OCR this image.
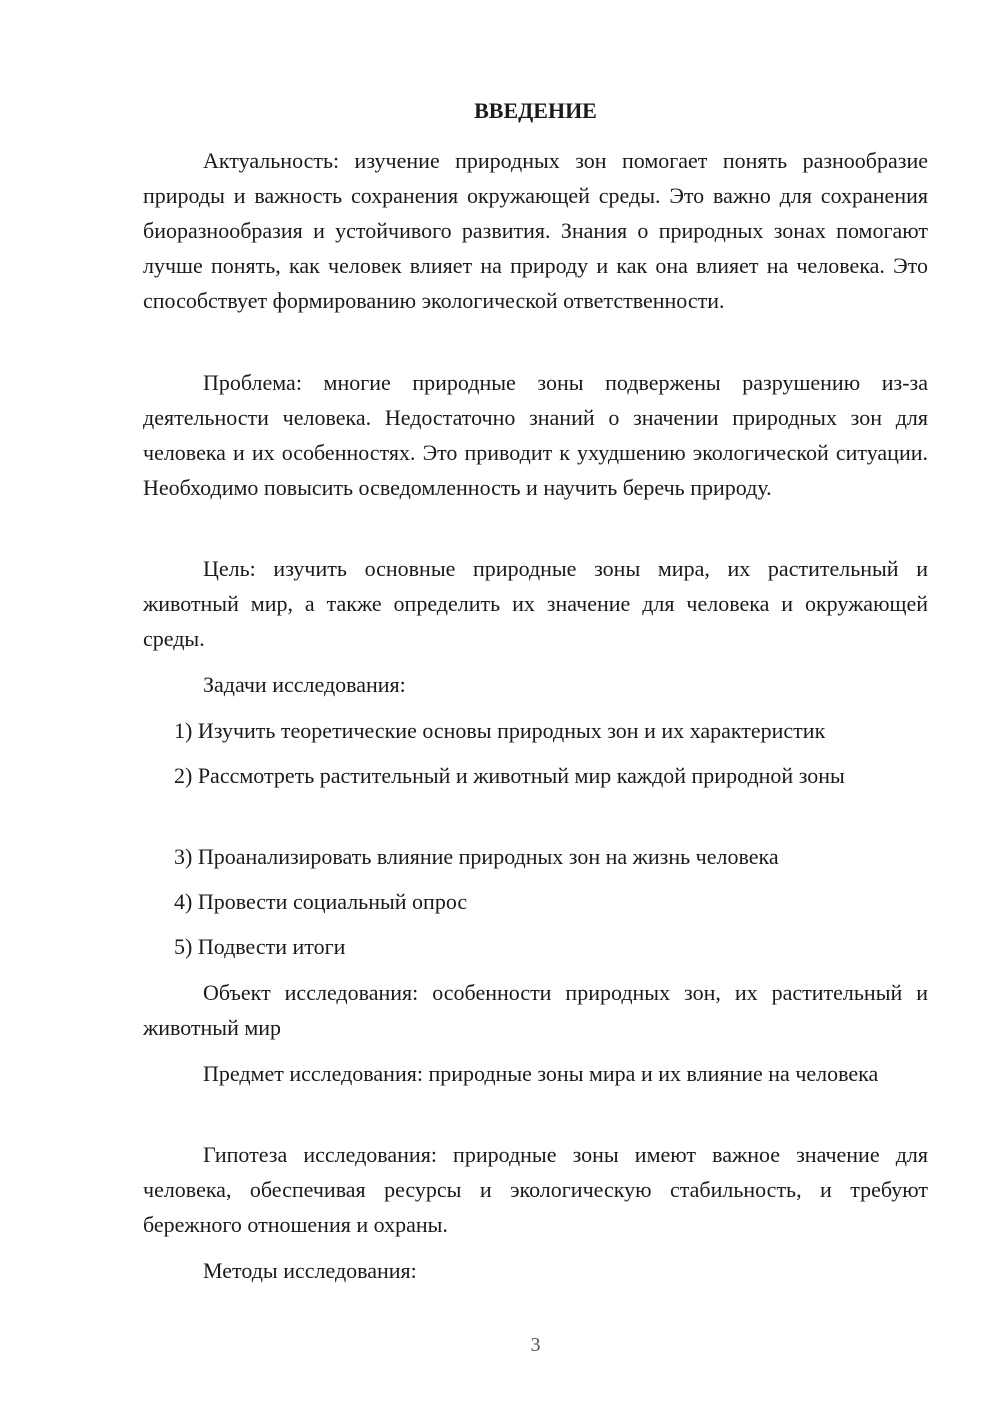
ВВЕДЕНИЕ

Актуальность: изучение природных зон помогает понять разнообразие природы и важность сохранения окружающей среды. Это важно для сохранения биоразнообразия и устойчивого развития. Знания о природных зонах помогают лучше понять, как человек влияет на природу и как она влияет на человека. Это способствует формированию экологической ответственности.

Проблема: многие природные зоны подвержены разрушению из-за деятельности человека. Недостаточно знаний о значении природных зон для человека и их особенностях. Это приводит к ухудшению экологической ситуации. Необходимо повысить осведомленность и научить беречь природу.

Цель: изучить основные природные зоны мира, их растительный и животный мир, а также определить их значение для человека и окружающей среды.

Задачи исследования:

1) Изучить теоретические основы природных зон и их характеристик

2) Рассмотреть растительный и животный мир каждой природной зоны

3) Проанализировать влияние природных зон на жизнь человека

4) Провести социальный опрос

5) Подвести итоги

Объект исследования: особенности природных зон, их растительный и животный мир

Предмет исследования: природные зоны мира и их влияние на человека

Гипотеза исследования: природные зоны имеют важное значение для человека, обеспечивая ресурсы и экологическую стабильность, и требуют бережного отношения и охраны.

Методы исследования:

3
